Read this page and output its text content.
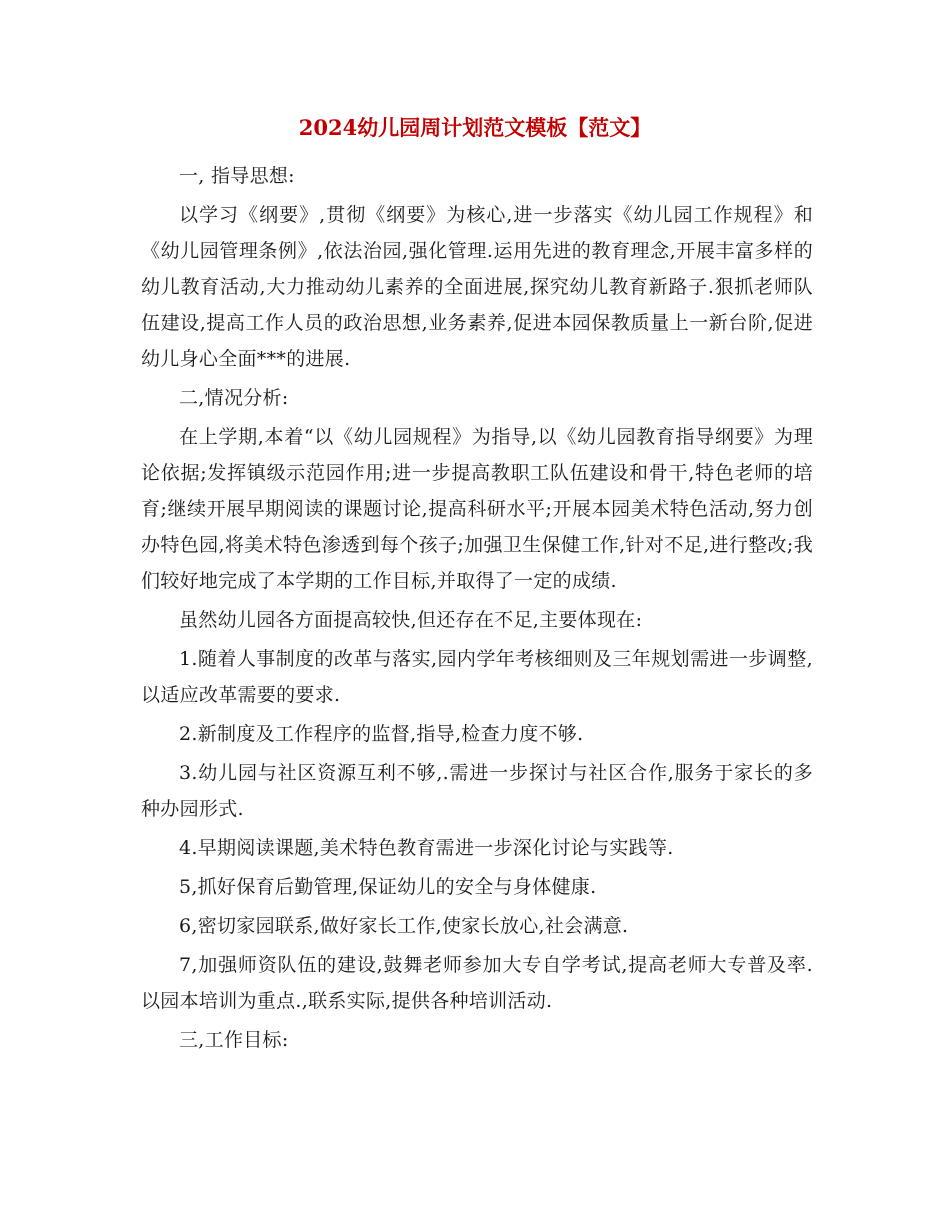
2024幼儿园周计划范文模板【范文】

一, 指导思想:

以学习《纲要》,贯彻《纲要》为核心,进一步落实《幼儿园工作规程》和《幼儿园管理条例》,依法治园,强化管理.运用先进的教育理念,开展丰富多样的幼儿教育活动,大力推动幼儿素养的全面进展,探究幼儿教育新路子.狠抓老师队伍建设,提高工作人员的政治思想,业务素养,促进本园保教质量上一新台阶,促进幼儿身心全面***的进展.

二,情况分析:

在上学期,本着“以《幼儿园规程》为指导,以《幼儿园教育指导纲要》为理论依据;发挥镇级示范园作用;进一步提高教职工队伍建设和骨干,特色老师的培育;继续开展早期阅读的课题讨论,提高科研水平;开展本园美术特色活动,努力创办特色园,将美术特色渗透到每个孩子;加强卫生保健工作,针对不足,进行整改;我们较好地完成了本学期的工作目标,并取得了一定的成绩.

虽然幼儿园各方面提高较快,但还存在不足,主要体现在:

1.随着人事制度的改革与落实,园内学年考核细则及三年规划需进一步调整,以适应改革需要的要求.

2.新制度及工作程序的监督,指导,检查力度不够.

3.幼儿园与社区资源互利不够,.需进一步探讨与社区合作,服务于家长的多种办园形式.

4.早期阅读课题,美术特色教育需进一步深化讨论与实践等.

5,抓好保育后勤管理,保证幼儿的安全与身体健康.

6,密切家园联系,做好家长工作,使家长放心,社会满意.

7,加强师资队伍的建设,鼓舞老师参加大专自学考试,提高老师大专普及率.以园本培训为重点.,联系实际,提供各种培训活动.

三,工作目标:
